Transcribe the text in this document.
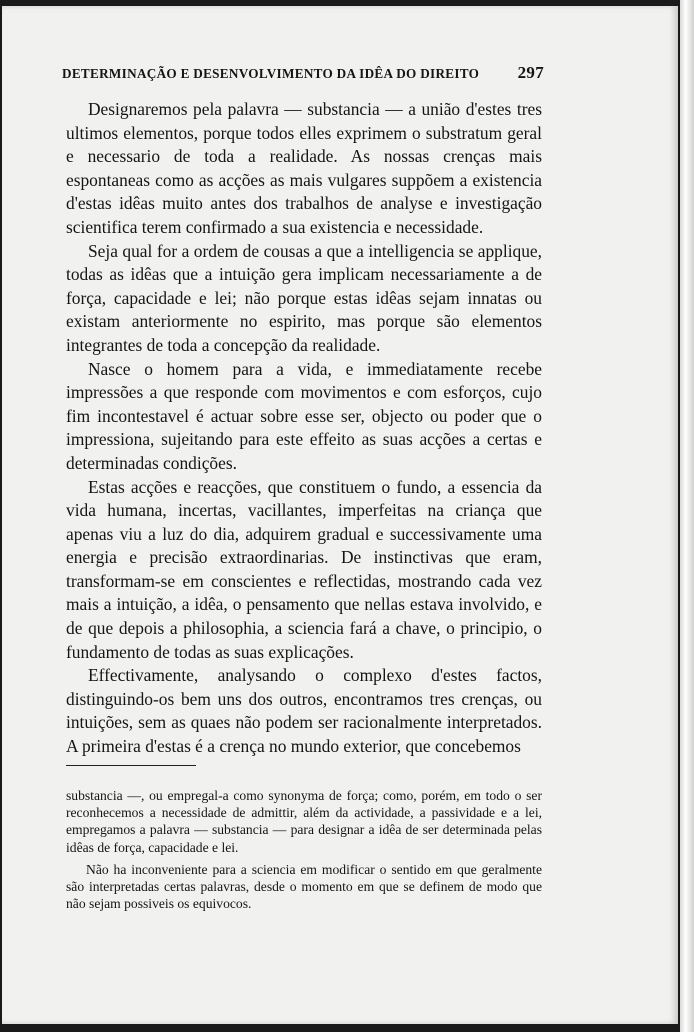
DETERMINAÇÃO E DESENVOLVIMENTO DA IDÊA DO DIREITO 297

Designaremos pela palavra — substancia — a união d'estes tres ultimos elementos, porque todos elles exprimem o substratum geral e necessario de toda a realidade. As nossas crenças mais espontaneas como as acções as mais vulgares suppõem a existencia d'estas idêas muito antes dos trabalhos de analyse e investigação scientifica terem confirmado a sua existencia e necessidade.

Seja qual for a ordem de cousas a que a intelligencia se applique, todas as idêas que a intuição gera implicam necessariamente a de força, capacidade e lei; não porque estas idêas sejam innatas ou existam anteriormente no espirito, mas porque são elementos integrantes de toda a concepção da realidade.

Nasce o homem para a vida, e immediatamente recebe impressões a que responde com movimentos e com esforços, cujo fim incontestavel é actuar sobre esse ser, objecto ou poder que o impressiona, sujeitando para este effeito as suas acções a certas e determinadas condições.

Estas acções e reacções, que constituem o fundo, a essencia da vida humana, incertas, vacillantes, imperfeitas na criança que apenas viu a luz do dia, adquirem gradual e successivamente uma energia e precisão extraordinarias. De instinctivas que eram, transformam-se em conscientes e reflectidas, mostrando cada vez mais a intuição, a idêa, o pensamento que nellas estava involvido, e de que depois a philosophia, a sciencia fará a chave, o principio, o fundamento de todas as suas explicações.

Effectivamente, analysando o complexo d'estes factos, distinguindo-os bem uns dos outros, encontramos tres crenças, ou intuições, sem as quaes não podem ser racionalmente interpretados. A primeira d'estas é a crença no mundo exterior, que concebemos

substancia —, ou empregal-a como synonyma de força; como, porém, em todo o ser reconhecemos a necessidade de admittir, além da actividade, a passividade e a lei, empregamos a palavra — substancia — para designar a idêa de ser determinada pelas idêas de força, capacidade e lei.

Não ha inconveniente para a sciencia em modificar o sentido em que geralmente são interpretadas certas palavras, desde o momento em que se definem de modo que não sejam possiveis os equivocos.
